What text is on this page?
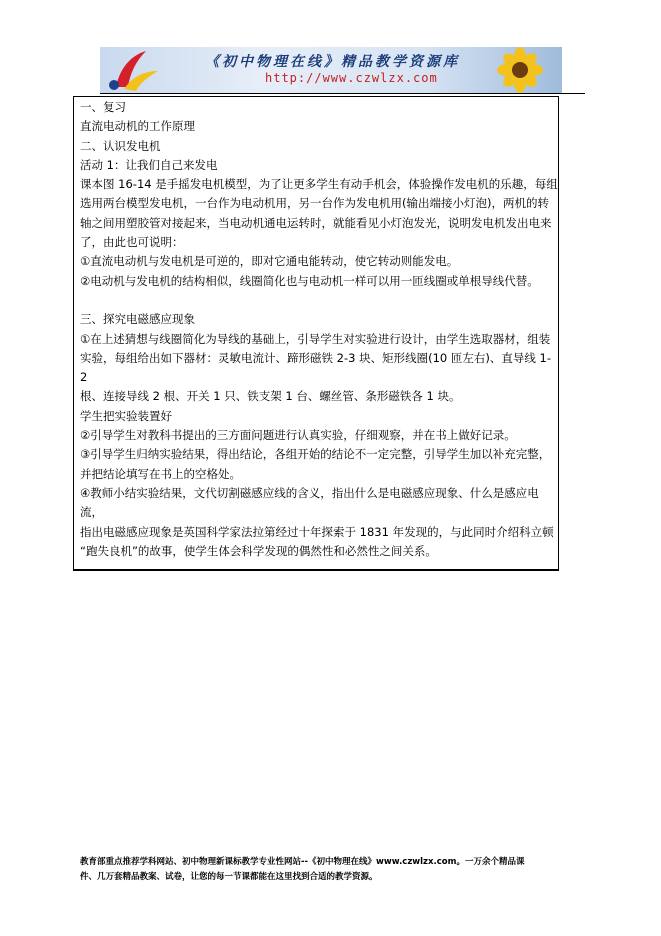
《初中物理在线》精品教学资源库
http://www.czwlzx.com

一、复习

直流电动机的工作原理

二、认识发电机

活动 1：让我们自己来发电

课本图 16-14 是手摇发电机模型，为了让更多学生有动手机会，体验操作发电机的乐趣，每组

选用两台模型发电机，一台作为电动机用，另一台作为发电机用(输出端接小灯泡)，两机的转

轴之间用塑胶管对接起来，当电动机通电运转时，就能看见小灯泡发光，说明发电机发出电来

了，由此也可说明：

①直流电动机与发电机是可逆的，即对它通电能转动，使它转动则能发电。

②电动机与发电机的结构相似，线圈简化也与电动机一样可以用一匝线圈或单根导线代替。

三、探究电磁感应现象

①在上述猜想与线圈简化为导线的基础上，引导学生对实验进行设计，由学生选取器材，组装

实验，每组给出如下器材：灵敏电流计、蹄形磁铁 2-3 块、矩形线圈(10 匝左右)、直导线 1-2

根、连接导线 2 根、开关 1 只、铁支架 1 台、螺丝管、条形磁铁各 1 块。

学生把实验装置好

②引导学生对教科书提出的三方面问题进行认真实验，仔细观察，并在书上做好记录。

③引导学生归纳实验结果，得出结论，各组开始的结论不一定完整，引导学生加以补充完整，

并把结论填写在书上的空格处。

④教师小结实验结果，文代切割磁感应线的含义，指出什么是电磁感应现象、什么是感应电流，

指出电磁感应现象是英国科学家法拉第经过十年探索于 1831 年发现的，与此同时介绍科立顿

“跑失良机”的故事，使学生体会科学发现的偶然性和必然性之间关系。

教育部重点推荐学科网站、初中物理新课标教学专业性网站--《初中物理在线》www.czwlzx.com。一万余个精品课
件、几万套精品教案、试卷，让您的每一节课都能在这里找到合适的教学资源。
